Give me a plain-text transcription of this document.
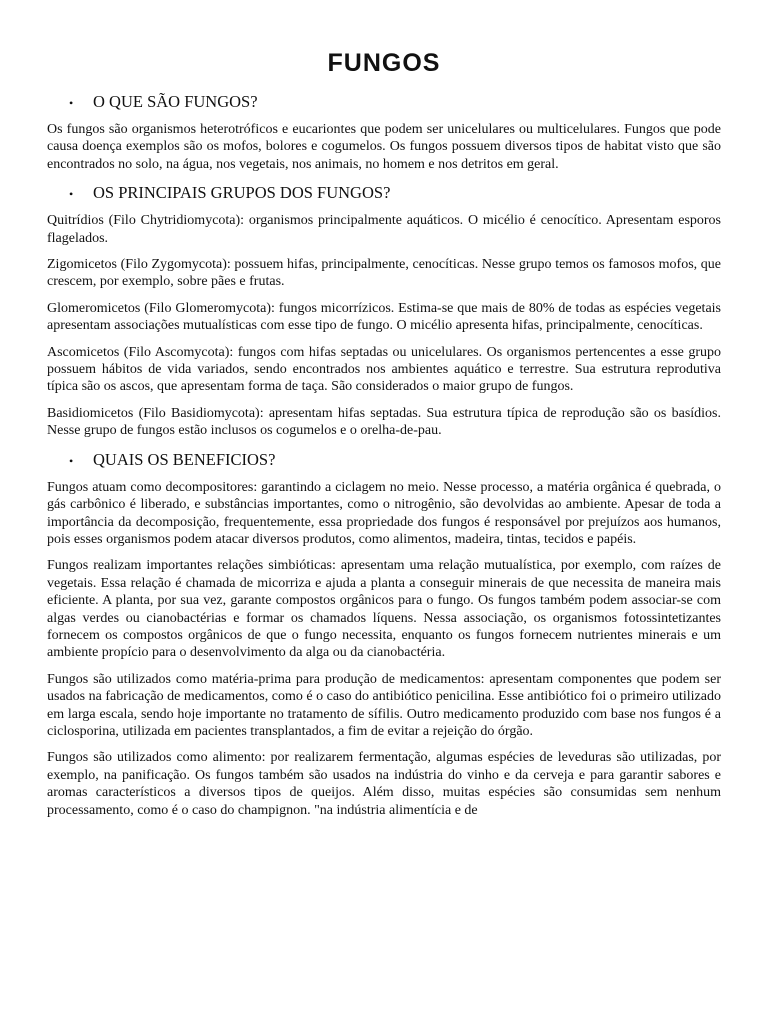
FUNGOS
•	O QUE SÃO FUNGOS?

Os fungos são organismos heterotróficos e eucariontes que podem ser unicelulares ou multicelulares. Fungos que pode causa doença exemplos são os mofos, bolores e cogumelos. Os fungos possuem diversos tipos de habitat visto que são encontrados no solo, na água, nos vegetais, nos animais, no homem e nos detritos em geral.

•	OS PRINCIPAIS GRUPOS DOS FUNGOS?

Quitrídios (Filo Chytridiomycota): organismos principalmente aquáticos. O micélio é cenocítico. Apresentam esporos flagelados.

Zigomicetos (Filo Zygomycota): possuem hifas, principalmente, cenocíticas. Nesse grupo temos os famosos mofos, que crescem, por exemplo, sobre pães e frutas.

Glomeromicetos (Filo Glomeromycota): fungos micorrízicos. Estima-se que mais de 80% de todas as espécies vegetais apresentam associações mutualísticas com esse tipo de fungo. O micélio apresenta hifas, principalmente, cenocíticas.

Ascomicetos (Filo Ascomycota): fungos com hifas septadas ou unicelulares. Os organismos pertencentes a esse grupo possuem hábitos de vida variados, sendo encontrados nos ambientes aquático e terrestre. Sua estrutura reprodutiva típica são os ascos, que apresentam forma de taça. São considerados o maior grupo de fungos.

Basidiomicetos (Filo Basidiomycota): apresentam hifas septadas. Sua estrutura típica de reprodução são os basídios. Nesse grupo de fungos estão inclusos os cogumelos e o orelha-de-pau.

•	QUAIS OS BENEFICIOS?

Fungos atuam como decompositores: garantindo a ciclagem no meio. Nesse processo, a matéria orgânica é quebrada, o gás carbônico é liberado, e substâncias importantes, como o nitrogênio, são devolvidas ao ambiente. Apesar de toda a importância da decomposição, frequentemente, essa propriedade dos fungos é responsável por prejuízos aos humanos, pois esses organismos podem atacar diversos produtos, como alimentos, madeira, tintas, tecidos e papéis.

Fungos realizam importantes relações simbióticas: apresentam uma relação mutualística, por exemplo, com raízes de vegetais. Essa relação é chamada de micorriza e ajuda a planta a conseguir minerais de que necessita de maneira mais eficiente. A planta, por sua vez, garante compostos orgânicos para o fungo. Os fungos também podem associar-se com algas verdes ou cianobactérias e formar os chamados líquens. Nessa associação, os organismos fotossintetizantes fornecem os compostos orgânicos de que o fungo necessita, enquanto os fungos fornecem nutrientes minerais e um ambiente propício para o desenvolvimento da alga ou da cianobactéria.

Fungos são utilizados como matéria-prima para produção de medicamentos: apresentam componentes que podem ser usados na fabricação de medicamentos, como é o caso do antibiótico penicilina. Esse antibiótico foi o primeiro utilizado em larga escala, sendo hoje importante no tratamento de sífilis. Outro medicamento produzido com base nos fungos é a ciclosporina, utilizada em pacientes transplantados, a fim de evitar a rejeição do órgão.

Fungos são utilizados como alimento: por realizarem fermentação, algumas espécies de leveduras são utilizadas, por exemplo, na panificação. Os fungos também são usados na indústria do vinho e da cerveja e para garantir sabores e aromas característicos a diversos tipos de queijos. Além disso, muitas espécies são consumidas sem nenhum processamento, como é o caso do champignon. "na indústria alimentícia e de
